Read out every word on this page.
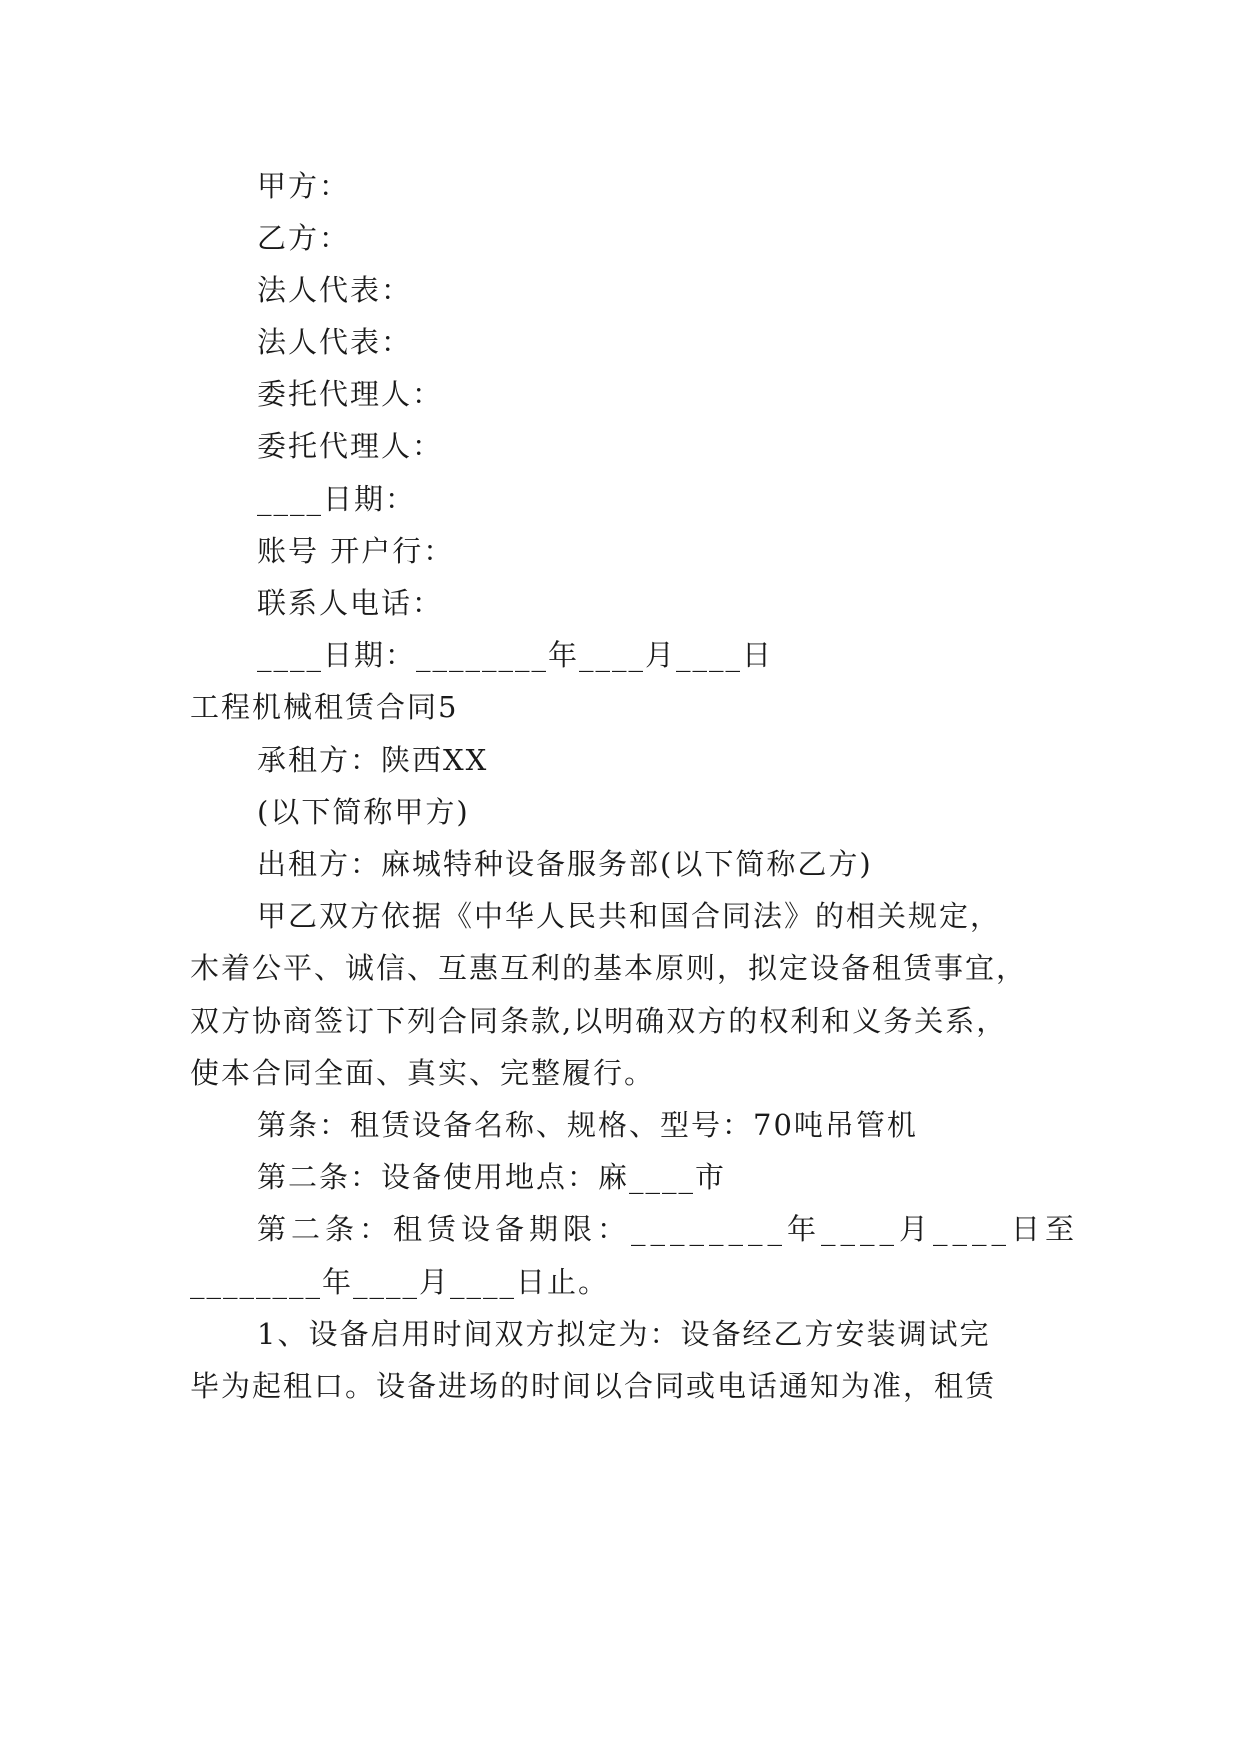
甲方：
乙方：
法人代表：
法人代表：
委托代理人：
委托代理人：
____日期：
账号 开户行：
联系人电话：
____日期：________年____月____日
工程机械租赁合同5
承租方：陕西XX
(以下简称甲方)
出租方：麻城特种设备服务部(以下简称乙方)
甲乙双方依据《中华人民共和国合同法》的相关规定，
木着公平、诚信、互惠互利的基本原则，拟定设备租赁事宜，
双方协商签订下列合同条款,以明确双方的权利和义务关系，
使本合同全面、真实、完整履行。
第条：租赁设备名称、规格、型号：70吨吊管机
第二条：设备使用地点：麻____市
第二条：租赁设备期限：________年____月____日至
________年____月____日止。
1、设备启用时间双方拟定为：设备经乙方安装调试完
毕为起租口。设备进场的时间以合同或电话通知为准，租赁
